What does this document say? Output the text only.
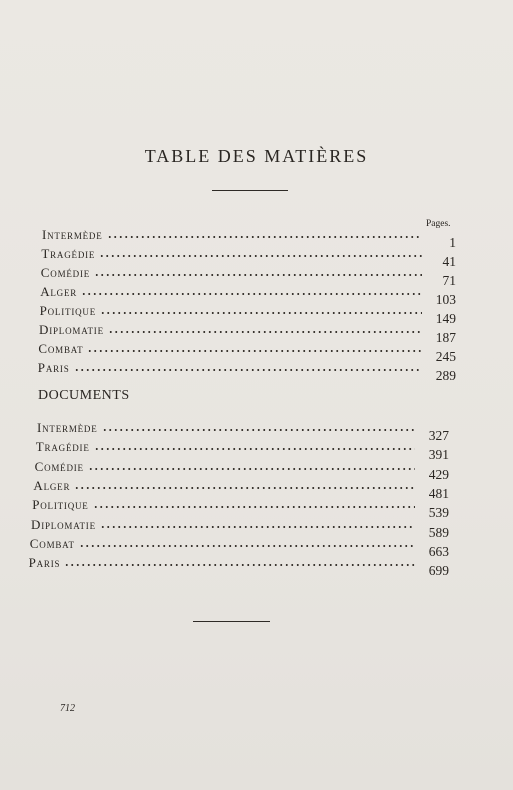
TABLE DES MATIÈRES
Pages.
Intermède
1
Tragédie
41
Comédie
71
Alger
103
Politique
149
Diplomatie
187
Combat
245
Paris
289
DOCUMENTS
Intermède
327
Tragédie
391
Comédie
429
Alger
481
Politique
539
Diplomatie
589
Combat
663
Paris
699
712
